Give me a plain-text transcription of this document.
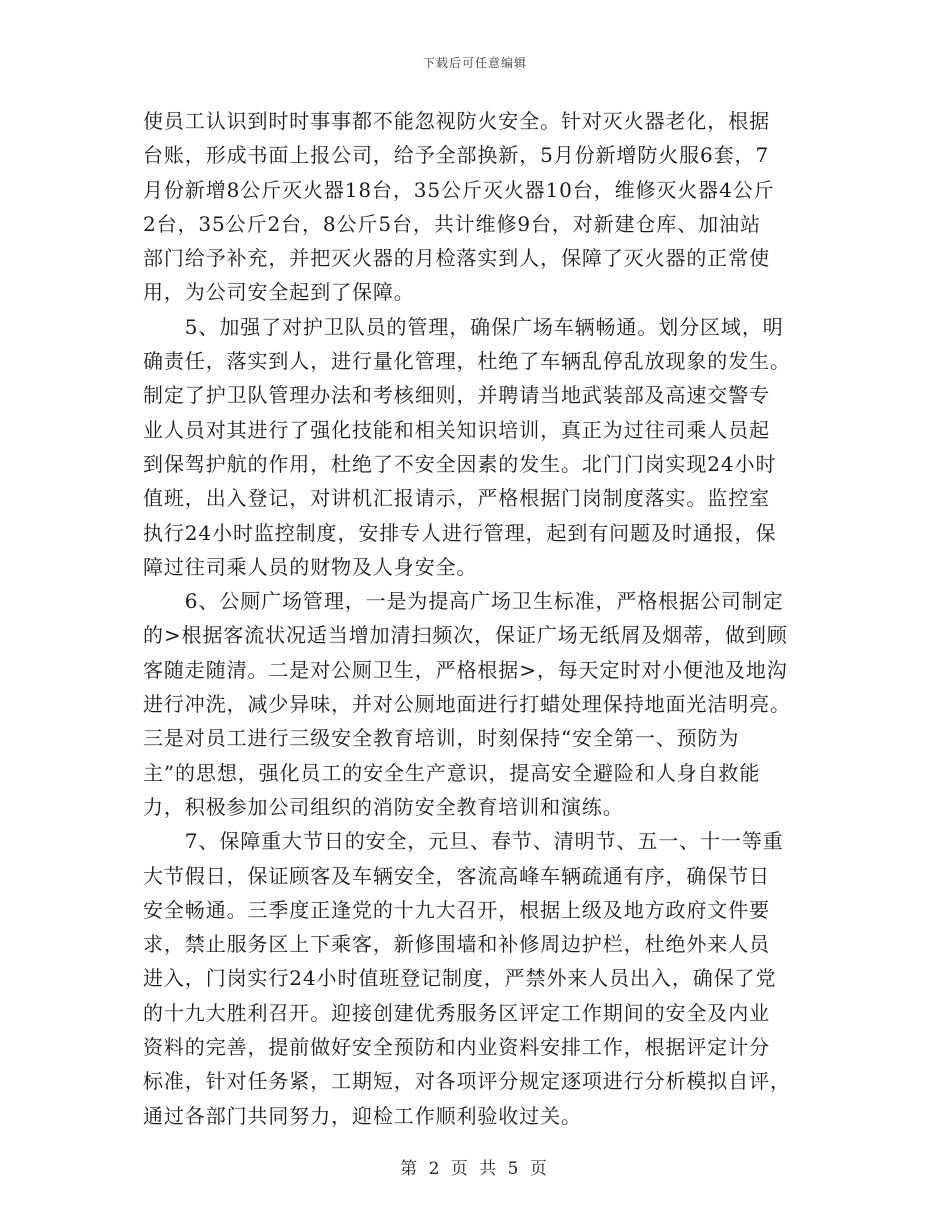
下载后可任意编辑
使员工认识到时时事事都不能忽视防火安全。针对灭火器老化，根据
台账，形成书面上报公司，给予全部换新，5月份新增防火服6套，7
月份新增8公斤灭火器18台，35公斤灭火器10台，维修灭火器4公斤
2台，35公斤2台，8公斤5台，共计维修9台，对新建仓库、加油站
部门给予补充，并把灭火器的月检落实到人，保障了灭火器的正常使
用，为公司安全起到了保障。
　　5、加强了对护卫队员的管理，确保广场车辆畅通。划分区域，明
确责任，落实到人，进行量化管理，杜绝了车辆乱停乱放现象的发生。
制定了护卫队管理办法和考核细则，并聘请当地武装部及高速交警专
业人员对其进行了强化技能和相关知识培训，真正为过往司乘人员起
到保驾护航的作用，杜绝了不安全因素的发生。北门门岗实现24小时
值班，出入登记，对讲机汇报请示，严格根据门岗制度落实。监控室
执行24小时监控制度，安排专人进行管理，起到有问题及时通报，保
障过往司乘人员的财物及人身安全。
　　6、公厕广场管理，一是为提高广场卫生标准，严格根据公司制定
的>根据客流状况适当增加清扫频次，保证广场无纸屑及烟蒂，做到顾
客随走随清。二是对公厕卫生，严格根据>，每天定时对小便池及地沟
进行冲洗，减少异味，并对公厕地面进行打蜡处理保持地面光洁明亮。
三是对员工进行三级安全教育培训，时刻保持“安全第一、预防为
主”的思想，强化员工的安全生产意识，提高安全避险和人身自救能
力，积极参加公司组织的消防安全教育培训和演练。
　　7、保障重大节日的安全，元旦、春节、清明节、五一、十一等重
大节假日，保证顾客及车辆安全，客流高峰车辆疏通有序，确保节日
安全畅通。三季度正逢党的十九大召开，根据上级及地方政府文件要
求，禁止服务区上下乘客，新修围墙和补修周边护栏，杜绝外来人员
进入，门岗实行24小时值班登记制度，严禁外来人员出入，确保了党
的十九大胜利召开。迎接创建优秀服务区评定工作期间的安全及内业
资料的完善，提前做好安全预防和内业资料安排工作，根据评定计分
标准，针对任务紧，工期短，对各项评分规定逐项进行分析模拟自评，
通过各部门共同努力，迎检工作顺利验收过关。
第 2 页 共 5 页
